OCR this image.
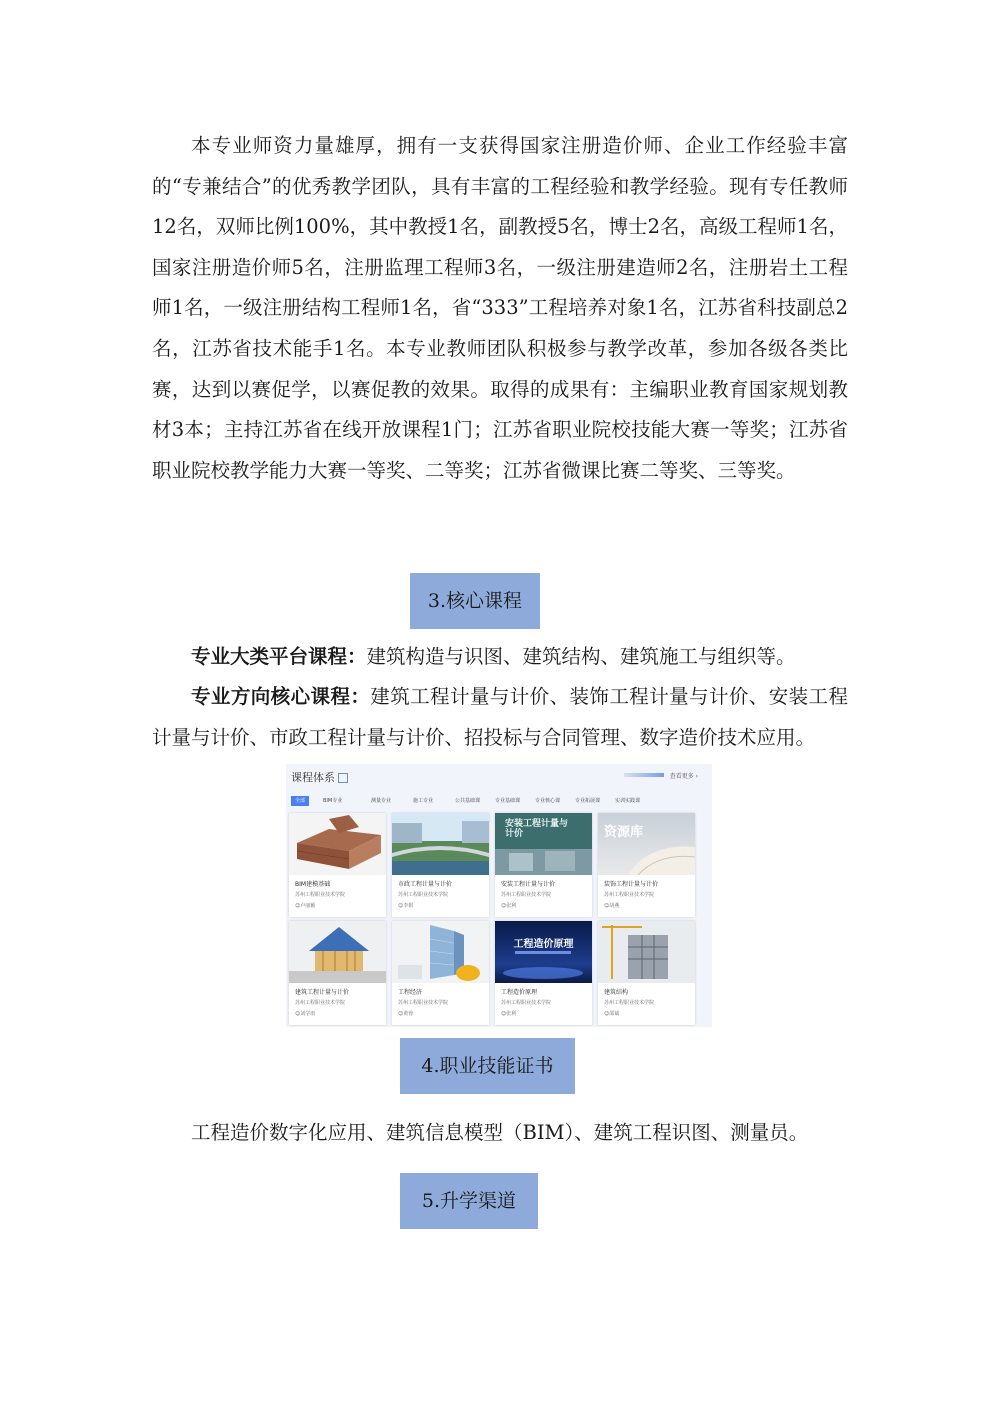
本专业师资力量雄厚，拥有一支获得国家注册造价师、企业工作经验丰富的“专兼结合”的优秀教学团队，具有丰富的工程经验和教学经验。现有专任教师12名，双师比例100%，其中教授1名，副教授5名，博士2名，高级工程师1名，国家注册造价师5名，注册监理工程师3名，一级注册建造师2名，注册岩土工程师1名，一级注册结构工程师1名，省“333”工程培养对象1名，江苏省科技副总2名，江苏省技术能手1名。本专业教师团队积极参与教学改革，参加各级各类比赛，达到以赛促学，以赛促教的效果。取得的成果有：主编职业教育国家规划教材3本；主持江苏省在线开放课程1门；江苏省职业院校技能大赛一等奖；江苏省职业院校教学能力大赛一等奖、二等奖；江苏省微课比赛二等奖、三等奖。

3.核心课程

专业大类平台课程：建筑构造与识图、建筑结构、建筑施工与组织等。

专业方向核心课程：建筑工程计量与计价、装饰工程计量与计价、安装工程计量与计价、市政工程计量与计价、招投标与合同管理、数字造价技术应用。

课程体系	查看更多 ›
全部	BIM专业	测量专业	施工专业	公共基础课	专业基础课	专业核心课	专业拓展课	实训实践课
BIM建模基础
苏州工程职业技术学院
☺ 卢丽颖
市政工程计量与计价
苏州工程职业技术学院
☺ 李娟
安装工程计量与计价
安装工程计量与计价
苏州工程职业技术学院
☺ 张利
资源库
装饰工程计量与计价
苏州工程职业技术学院
☺ 胡燕
建筑工程计量与计价
苏州工程职业技术学院
☺ 刘学雨
工程经济
苏州工程职业技术学院
☺ 黄蓉
工程造价原理
工程造价原理
苏州工程职业技术学院
☺ 张利
建筑结构
苏州工程职业技术学院
☺ 邵斌
4.职业技能证书

工程造价数字化应用、建筑信息模型（BIM）、建筑工程识图、测量员。

5.升学渠道
